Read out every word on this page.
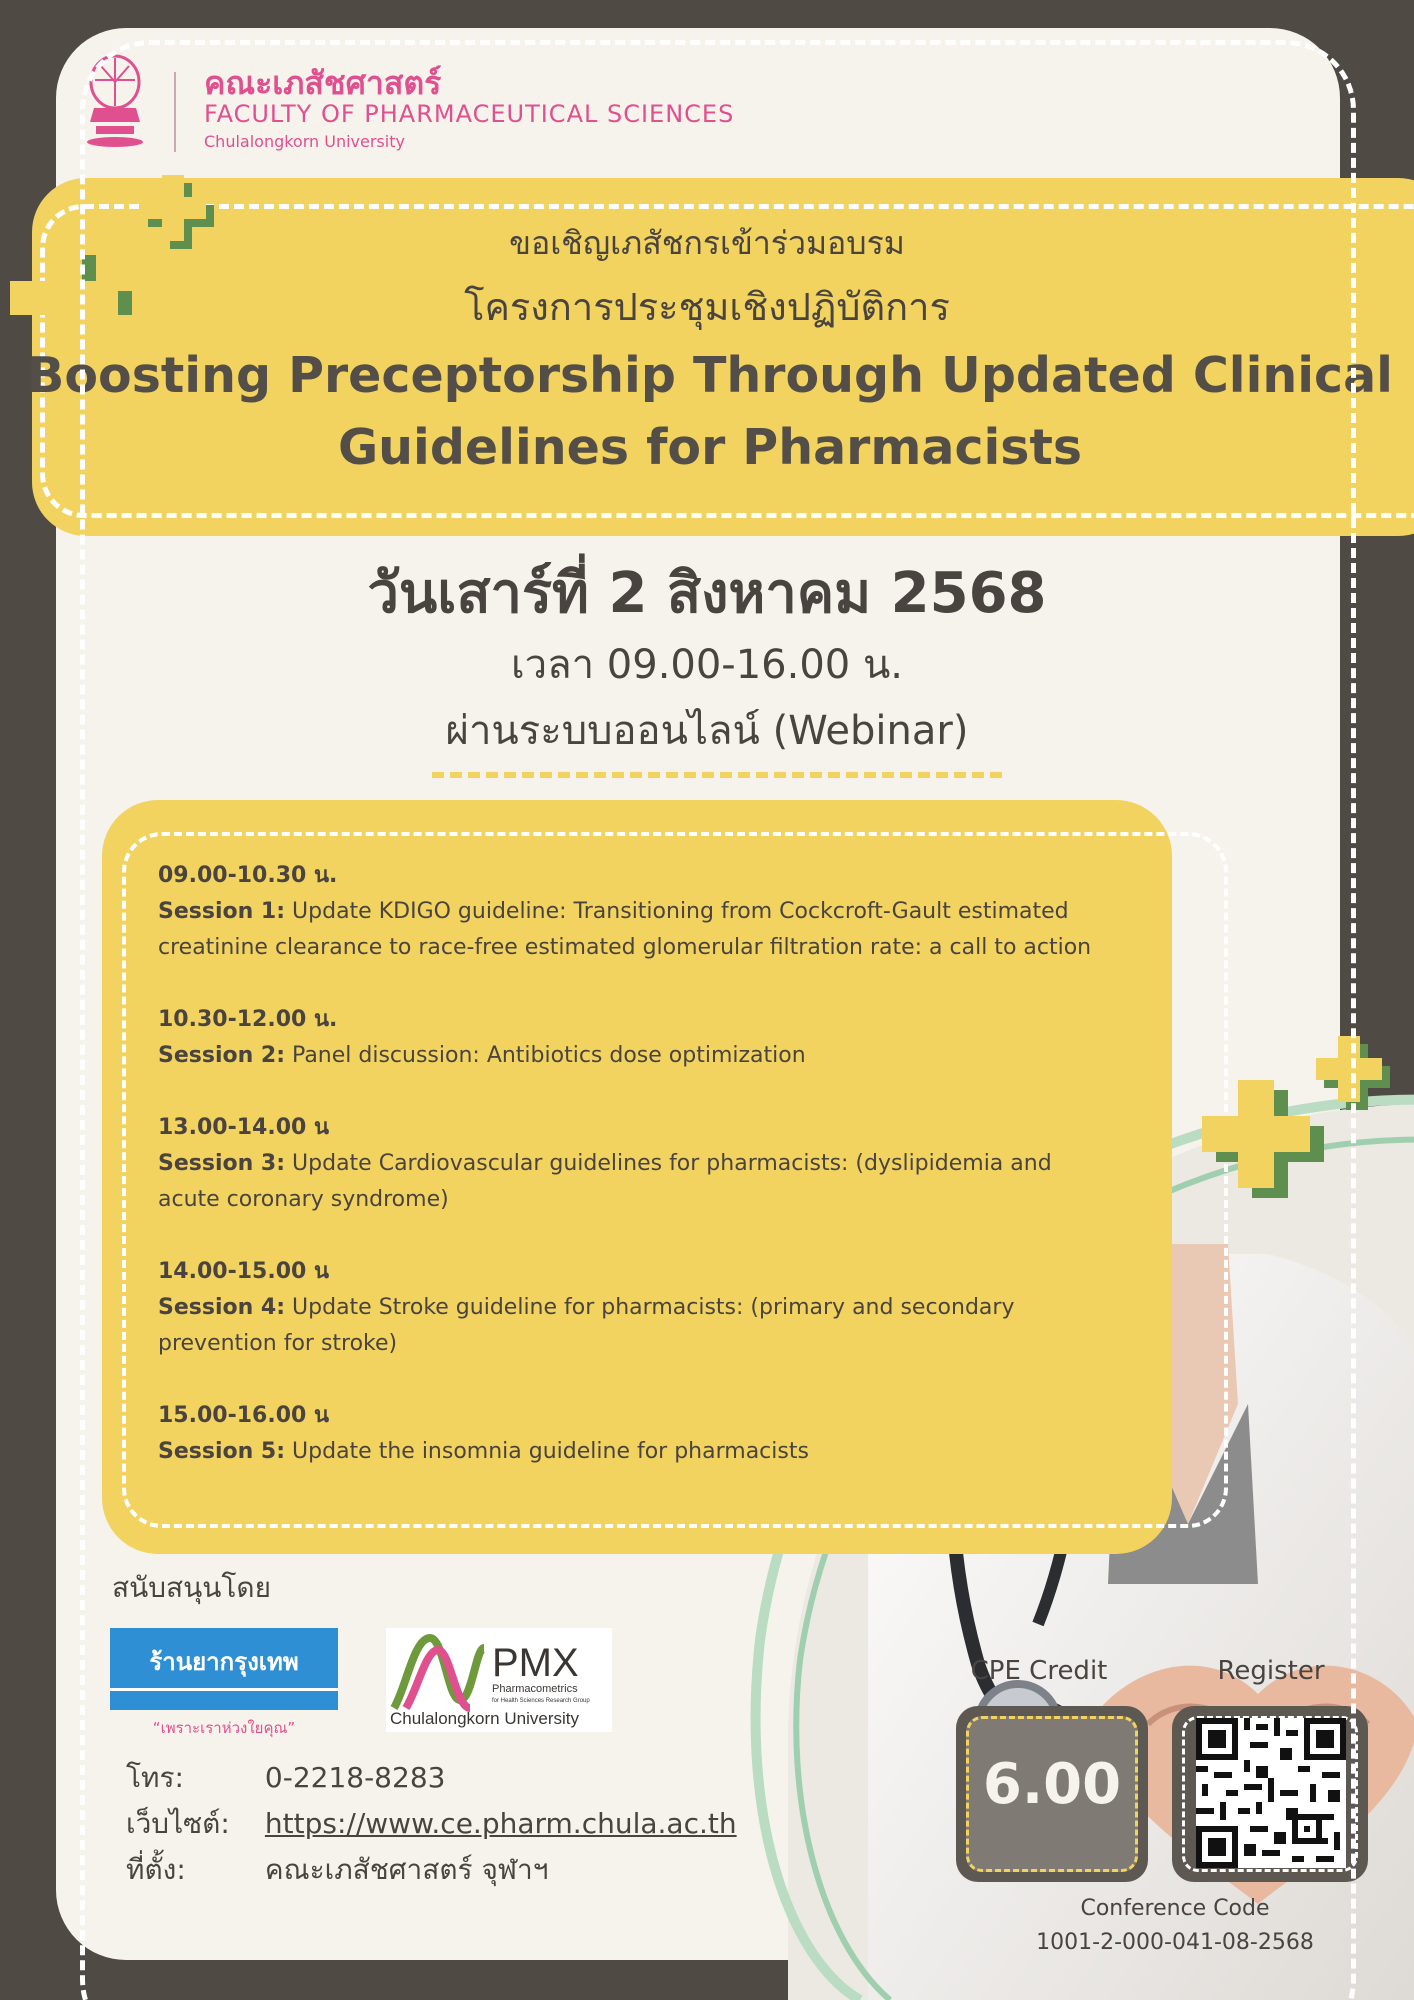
คณะเภสัชศาสตร์
FACULTY OF PHARMACEUTICAL SCIENCES
Chulalongkorn University
ขอเชิญเภสัชกรเข้าร่วมอบรม
โครงการประชุมเชิงปฏิบัติการ
Boosting Preceptorship Through Updated Clinical Guidelines for Pharmacists
วันเสาร์ที่ 2 สิงหาคม 2568
เวลา 09.00-16.00 น.
ผ่านระบบออนไลน์ (Webinar)
09.00-10.30 น.
Session 1: Update KDIGO guideline: Transitioning from Cockcroft-Gault estimated creatinine clearance to race-free estimated glomerular filtration rate: a call to action
10.30-12.00 น.
Session 2: Panel discussion: Antibiotics dose optimization
13.00-14.00 น
Session 3: Update Cardiovascular guidelines for pharmacists: (dyslipidemia and acute coronary syndrome)
14.00-15.00 น
Session 4: Update Stroke guideline for pharmacists: (primary and secondary prevention for stroke)
15.00-16.00 น
Session 5: Update the insomnia guideline for pharmacists
สนับสนุนโดย
ร้านยากรุงเทพ
“เพราะเราห่วงใยคุณ”
PMX
Pharmacometrics
for Health Sciences Research Group
Chulalongkorn University
โทร:	0-2218-8283
เว็บไซต์: https://www.ce.pharm.chula.ac.th
ที่ตั้ง:	คณะเภสัชศาสตร์ จุฬาฯ
CPE Credit	Register
6.00
Conference Code
1001-2-000-041-08-2568
